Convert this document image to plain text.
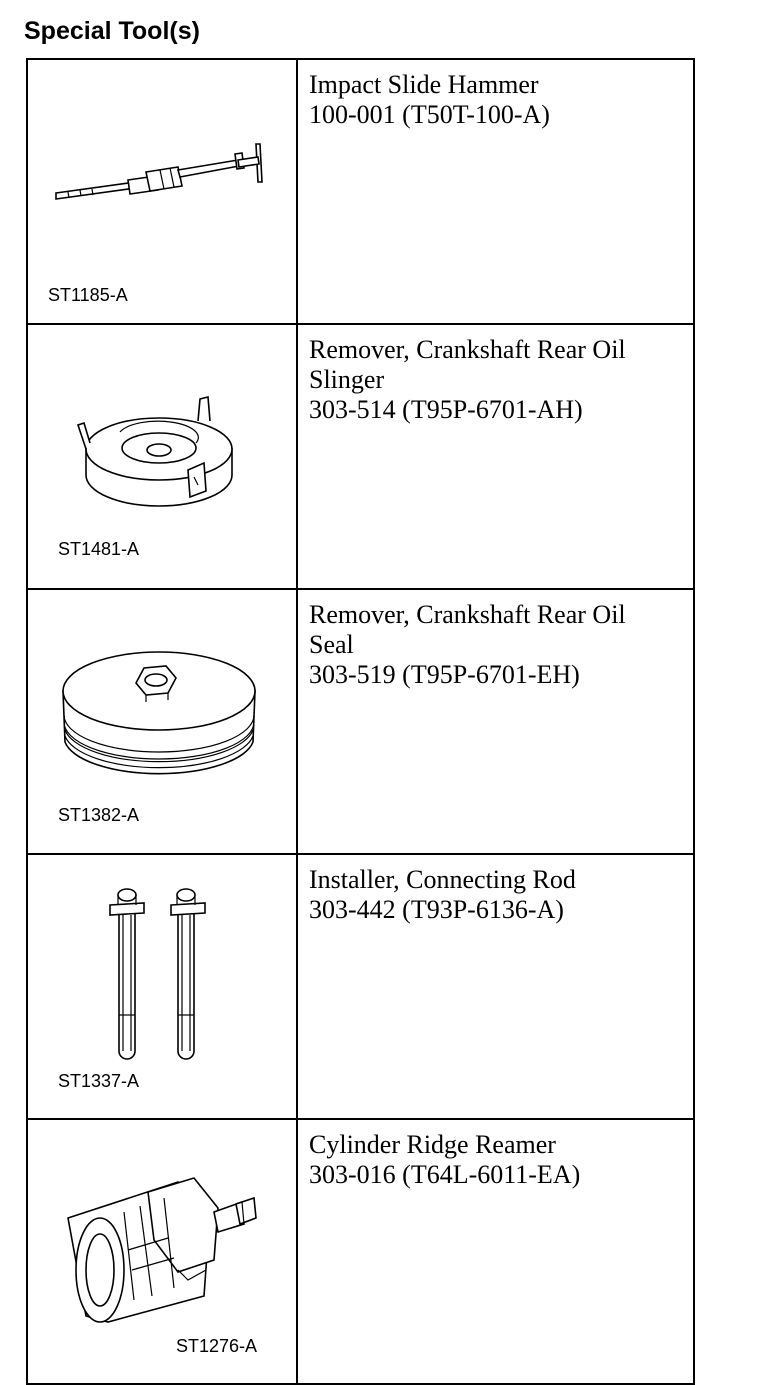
Special Tool(s)
ST1185-A	Impact Slide Hammer
100-001 (T50T-100-A)

ST1481-A	Remover, Crankshaft Rear Oil
Slinger
303-514 (T95P-6701-AH)

ST1382-A	Remover, Crankshaft Rear Oil
Seal
303-519 (T95P-6701-EH)

ST1337-A	Installer, Connecting Rod
303-442 (T93P-6136-A)

ST1276-A	Cylinder Ridge Reamer
303-016 (T64L-6011-EA)
